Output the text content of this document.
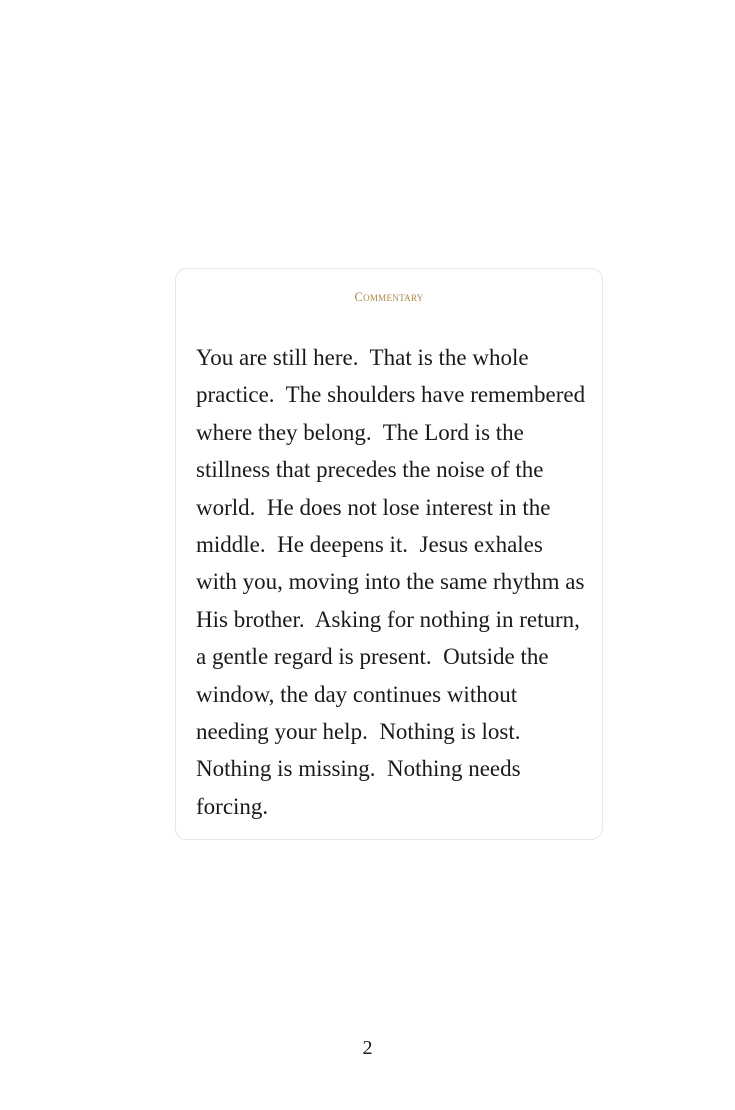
Commentary

You are still here.  That is the whole practice.  The shoulders have remembered where they belong.  The Lord is the stillness that precedes the noise of the world.  He does not lose interest in the middle.  He deepens it.  Jesus exhales with you, moving into the same rhythm as His brother.  Asking for nothing in return, a gentle regard is present.  Outside the window, the day continues without needing your help.  Nothing is lost.  Nothing is missing.  Nothing needs forcing.

2
